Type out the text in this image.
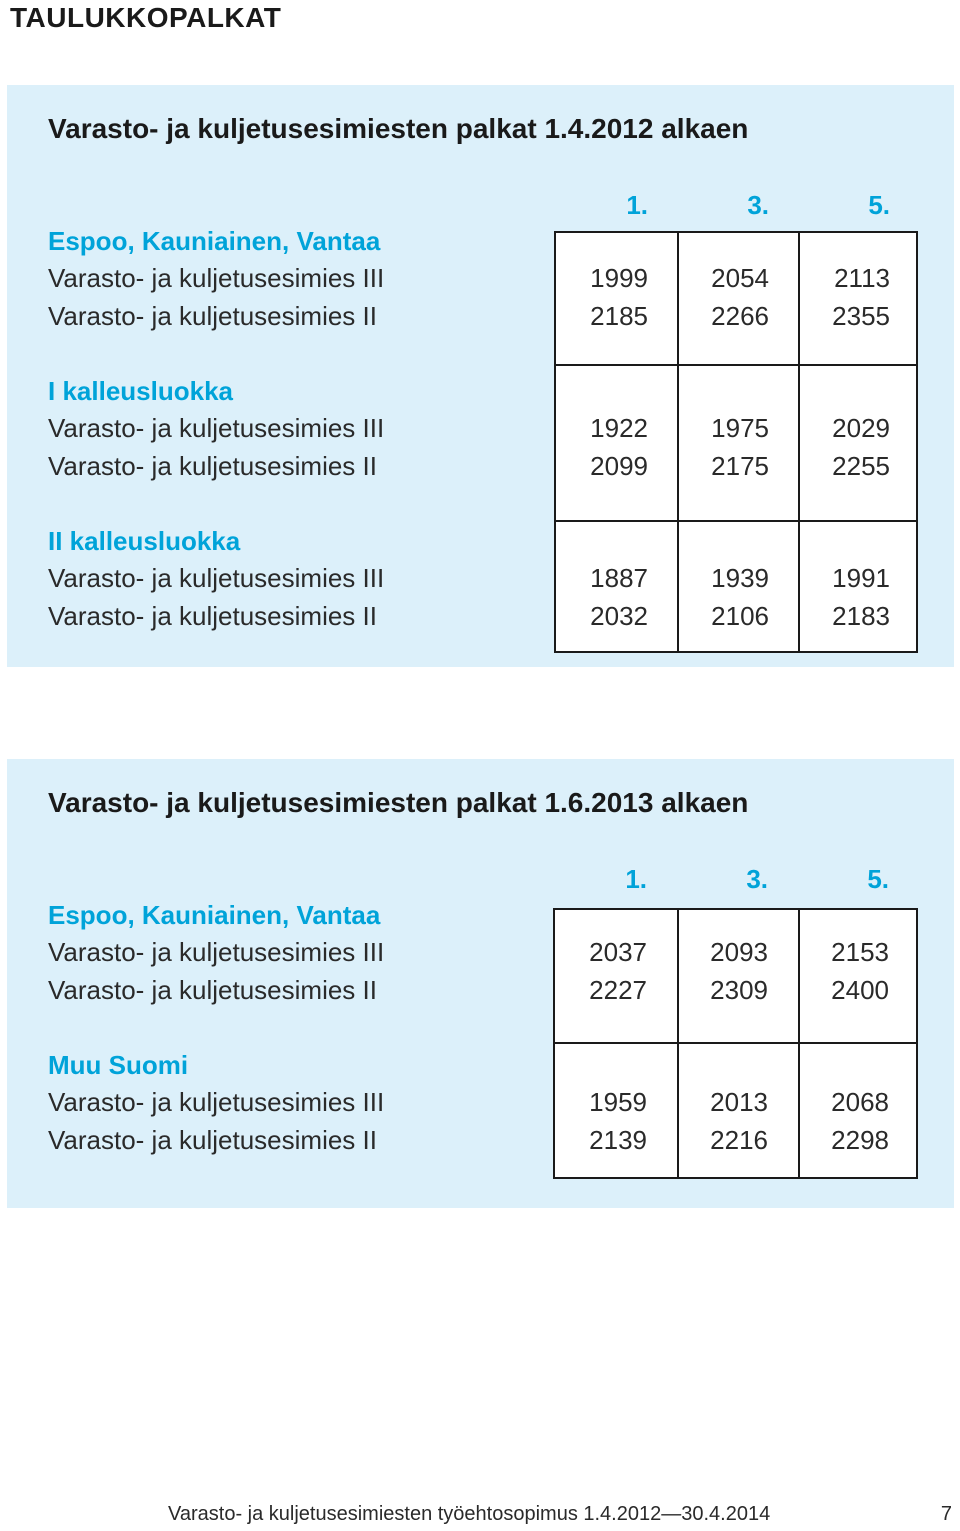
TAULUKKOPALKAT
Varasto- ja kuljetusesimiesten palkat 1.4.2012 alkaen
1.	3.	5.
Espoo, Kauniainen, Vantaa
Varasto- ja kuljetusesimies III	1999	2054	2113
Varasto- ja kuljetusesimies II	2185	2266	2355
I kalleusluokka
Varasto- ja kuljetusesimies III	1922	1975	2029
Varasto- ja kuljetusesimies II	2099	2175	2255
II kalleusluokka
Varasto- ja kuljetusesimies III	1887	1939	1991
Varasto- ja kuljetusesimies II	2032	2106	2183
Varasto- ja kuljetusesimiesten palkat 1.6.2013 alkaen
1.	3.	5.
Espoo, Kauniainen, Vantaa
Varasto- ja kuljetusesimies III	2037	2093	2153
Varasto- ja kuljetusesimies II	2227	2309	2400
Muu Suomi
Varasto- ja kuljetusesimies III	1959	2013	2068
Varasto- ja kuljetusesimies II	2139	2216	2298
Varasto- ja kuljetusesimiesten työehtosopimus 1.4.2012—30.4.2014	7
